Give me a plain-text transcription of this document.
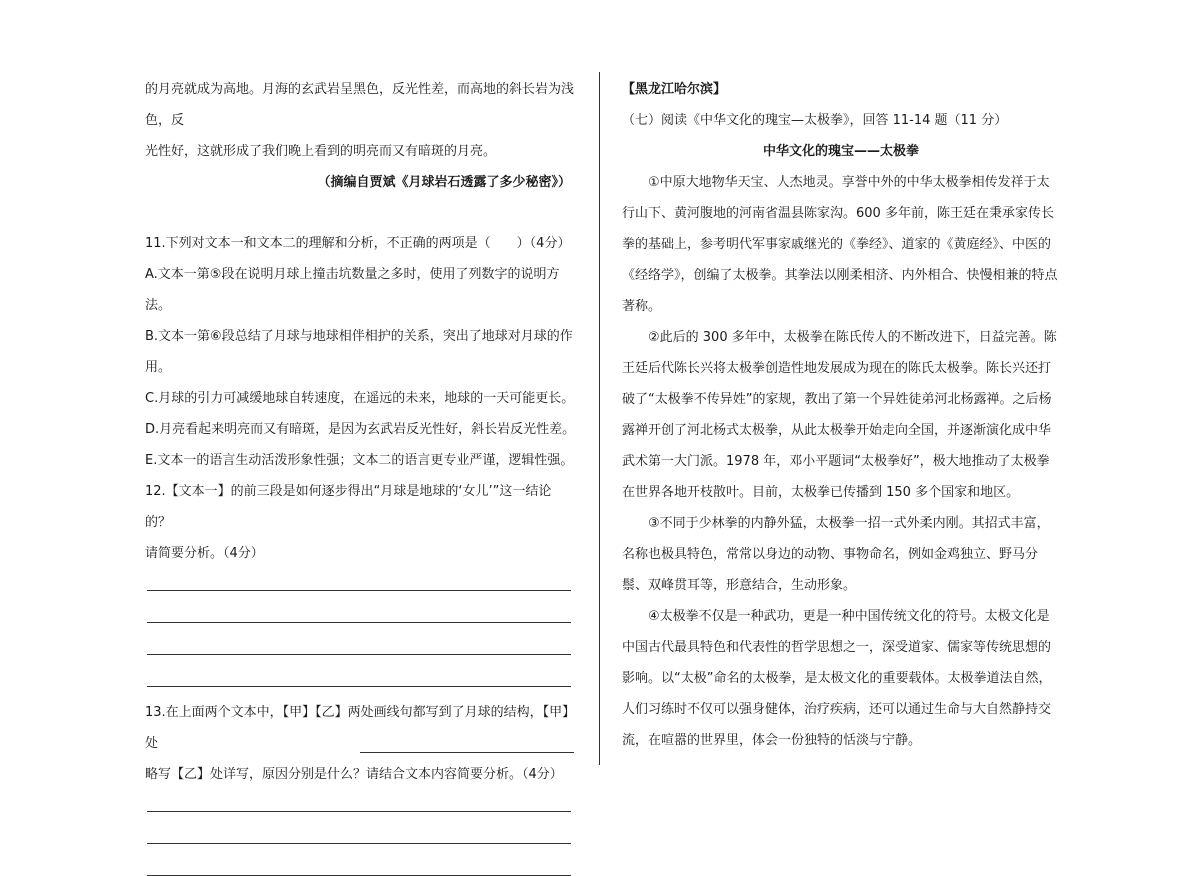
的月亮就成为高地。月海的玄武岩呈黑色，反光性差，而高地的斜长岩为浅色，反

光性好，这就形成了我们晚上看到的明亮而又有暗斑的月亮。

（摘编自贾斌《月球岩石透露了多少秘密》）

11.下列对文本一和文本二的理解和分析，不正确的两项是（　　）（4分）

A.文本一第⑤段在说明月球上撞击坑数量之多时，使用了列数字的说明方法。

B.文本一第⑥段总结了月球与地球相伴相护的关系，突出了地球对月球的作用。

C.月球的引力可减缓地球自转速度，在遥远的未来，地球的一天可能更长。

D.月亮看起来明亮而又有暗斑，是因为玄武岩反光性好，斜长岩反光性差。

E.文本一的语言生动活泼形象性强；文本二的语言更专业严谨，逻辑性强。

12.【文本一】的前三段是如何逐步得出“月球是地球的‘女儿’”这一结论的？

请简要分析。（4分）

13.在上面两个文本中，【甲】【乙】两处画线句都写到了月球的结构，【甲】处

略写【乙】处详写，原因分别是什么？请结合文本内容简要分析。（4分）

【黑龙江哈尔滨】

（七）阅读《中华文化的瑰宝—太极拳》，回答 11-14 题（11 分）

中华文化的瑰宝——太极拳

①中原大地物华天宝、人杰地灵。享誉中外的中华太极拳相传发祥于太行山下、黄河腹地的河南省温县陈家沟。600 多年前，陈王廷在秉承家传长拳的基础上，参考明代军事家戚继光的《拳经》、道家的《黄庭经》、中医的《经络学》，创编了太极拳。其拳法以刚柔相济、内外相合、快慢相兼的特点著称。

②此后的 300 多年中，太极拳在陈氏传人的不断改进下，日益完善。陈王廷后代陈长兴将太极拳创造性地发展成为现在的陈氏太极拳。陈长兴还打破了“太极拳不传异姓”的家规，教出了第一个异姓徒弟河北杨露禅。之后杨露禅开创了河北杨式太极拳，从此太极拳开始走向全国，并逐渐演化成中华武术第一大门派。1978 年，邓小平题词“太极拳好”，极大地推动了太极拳在世界各地开枝散叶。目前，太极拳已传播到 150 多个国家和地区。

③不同于少林拳的内静外猛，太极拳一招一式外柔内刚。其招式丰富，名称也极具特色，常常以身边的动物、事物命名，例如金鸡独立、野马分鬃、双峰贯耳等，形意结合，生动形象。

④太极拳不仅是一种武功，更是一种中国传统文化的符号。太极文化是中国古代最具特色和代表性的哲学思想之一，深受道家、儒家等传统思想的影响。以“太极”命名的太极拳，是太极文化的重要载体。太极拳道法自然，人们习练时不仅可以强身健体，治疗疾病，还可以通过生命与大自然静持交流，在喧嚣的世界里，体会一份独特的恬淡与宁静。
